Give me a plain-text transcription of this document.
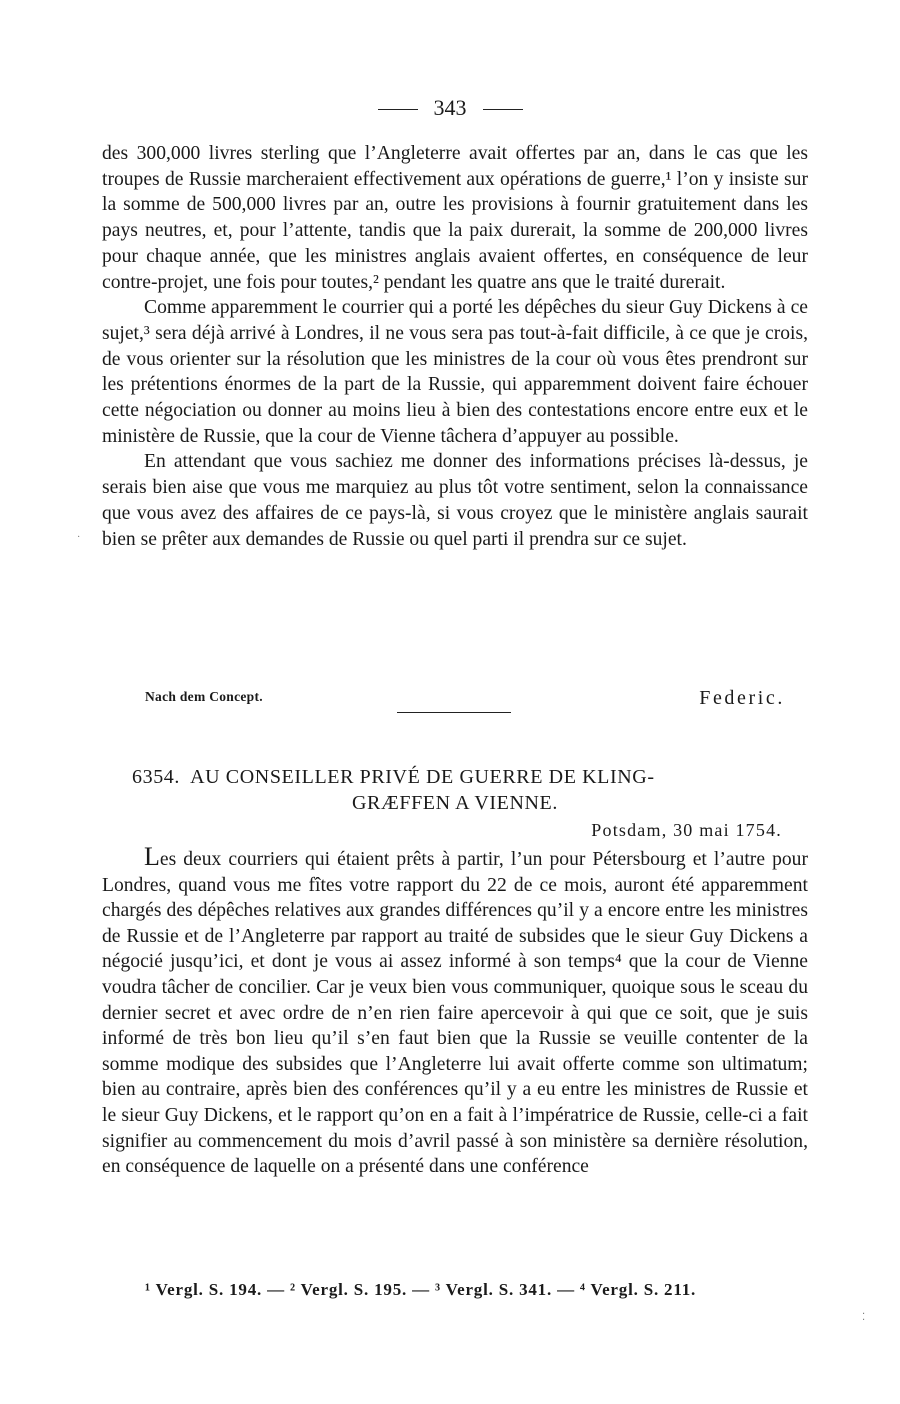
343

des 300,000 livres sterling que l’Angleterre avait offertes par an, dans le cas que les troupes de Russie marcheraient effectivement aux opérations de guerre,¹ l’on y insiste sur la somme de 500,000 livres par an, outre les provisions à fournir gratuitement dans les pays neutres, et, pour l’attente, tandis que la paix durerait, la somme de 200,000 livres pour chaque année, que les ministres anglais avaient offertes, en conséquence de leur contre-projet, une fois pour toutes,² pendant les quatre ans que le traité durerait.

Comme apparemment le courrier qui a porté les dépêches du sieur Guy Dickens à ce sujet,³ sera déjà arrivé à Londres, il ne vous sera pas tout-à-fait difficile, à ce que je crois, de vous orienter sur la résolution que les ministres de la cour où vous êtes prendront sur les prétentions énormes de la part de la Russie, qui apparemment doivent faire échouer cette négociation ou donner au moins lieu à bien des contestations encore entre eux et le ministère de Russie, que la cour de Vienne tâchera d’appuyer au possible.

En attendant que vous sachiez me donner des informations précises là-dessus, je serais bien aise que vous me marquiez au plus tôt votre sentiment, selon la connaissance que vous avez des affaires de ce pays-là, si vous croyez que le ministère anglais saurait bien se prêter aux demandes de Russie ou quel parti il prendra sur ce sujet.

Nach dem Concept.	Federic.
6354. AU CONSEILLER PRIVÉ DE GUERRE DE KLING-
GRÆFFEN A VIENNE.
Potsdam, 30 mai 1754.

Les deux courriers qui étaient prêts à partir, l’un pour Pétersbourg et l’autre pour Londres, quand vous me fîtes votre rapport du 22 de ce mois, auront été apparemment chargés des dépêches relatives aux grandes différences qu’il y a encore entre les ministres de Russie et de l’Angleterre par rapport au traité de subsides que le sieur Guy Dickens a négocié jusqu’ici, et dont je vous ai assez informé à son temps⁴ que la cour de Vienne voudra tâcher de concilier. Car je veux bien vous communiquer, quoique sous le sceau du dernier secret et avec ordre de n’en rien faire apercevoir à qui que ce soit, que je suis informé de très bon lieu qu’il s’en faut bien que la Russie se veuille contenter de la somme modique des subsides que l’Angleterre lui avait offerte comme son ultimatum; bien au contraire, après bien des conférences qu’il y a eu entre les ministres de Russie et le sieur Guy Dickens, et le rapport qu’on en a fait à l’impératrice de Russie, celle-ci a fait signifier au commencement du mois d’avril passé à son ministère sa dernière résolution, en conséquence de laquelle on a présenté dans une conférence

¹ Vergl. S. 194. — ² Vergl. S. 195. — ³ Vergl. S. 341. — ⁴ Vergl. S. 211.
·
⁚
